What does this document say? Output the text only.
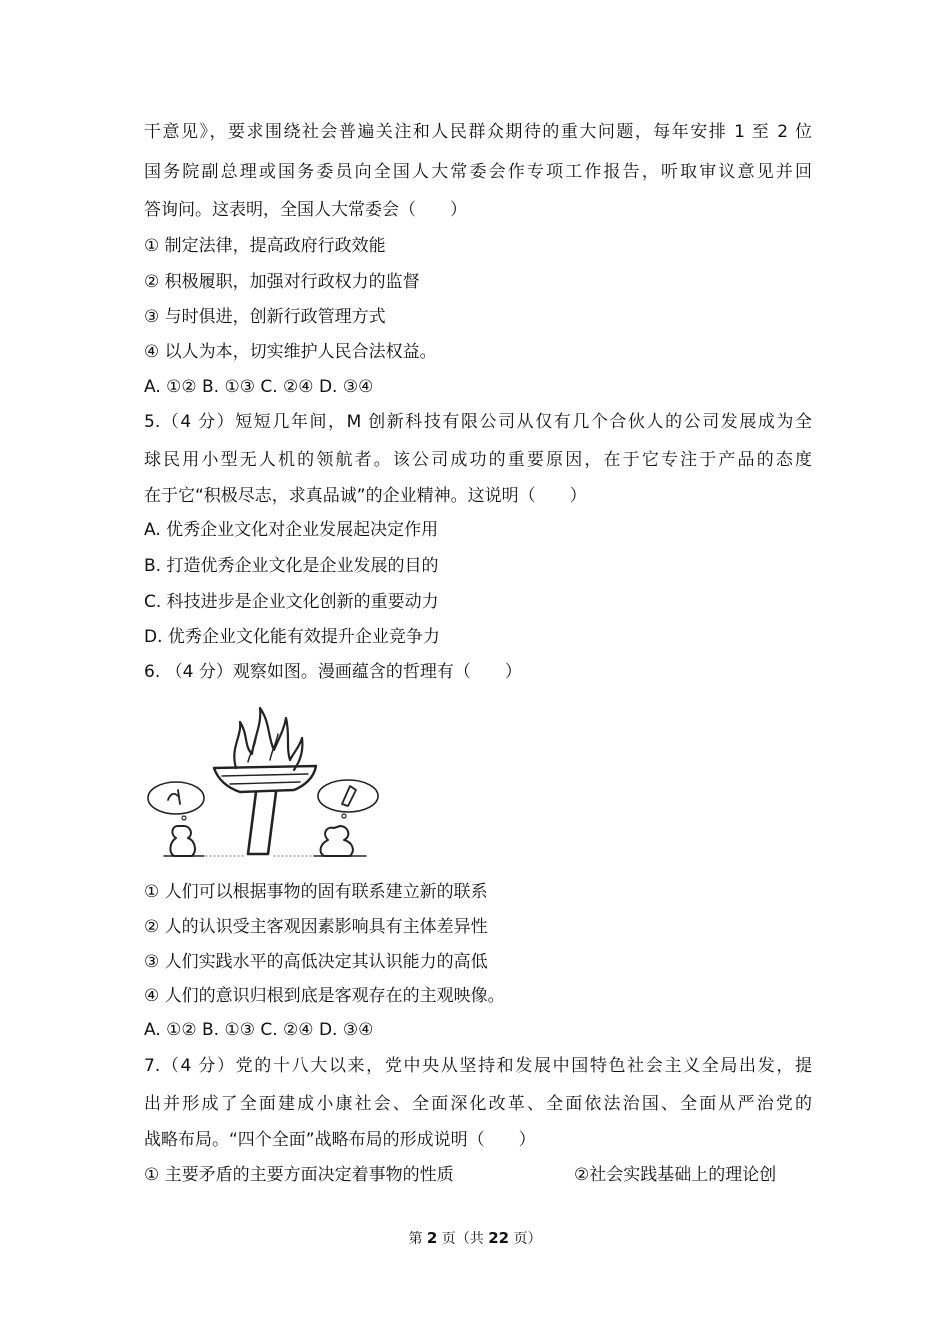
干意见》，要求围绕社会普遍关注和人民群众期待的重大问题，每年安排 1 至 2 位
国务院副总理或国务委员向全国人大常委会作专项工作报告，听取审议意见并回
答询问。这表明，全国人大常委会（　　）
① 制定法律，提高政府行政效能
② 积极履职，加强对行政权力的监督
③ 与时俱进，创新行政管理方式
④ 以人为本，切实维护人民合法权益。
A. ①② B. ①③ C. ②④ D. ③④
5.（4 分）短短几年间，M 创新科技有限公司从仅有几个合伙人的公司发展成为全
球民用小型无人机的领航者。该公司成功的重要原因，在于它专注于产品的态度
在于它“积极尽志，求真品诚”的企业精神。这说明（　　）
A. 优秀企业文化对企业发展起决定作用
B. 打造优秀企业文化是企业发展的目的
C. 科技进步是企业文化创新的重要动力
D. 优秀企业文化能有效提升企业竞争力
6. （4 分）观察如图。漫画蕴含的哲理有（　　）
① 人们可以根据事物的固有联系建立新的联系
② 人的认识受主客观因素影响具有主体差异性
③ 人们实践水平的高低决定其认识能力的高低
④ 人们的意识归根到底是客观存在的主观映像。
A. ①② B. ①③ C. ②④ D. ③④
7.（4 分）党的十八大以来，党中央从坚持和发展中国特色社会主义全局出发，提
出并形成了全面建成小康社会、全面深化改革、全面依法治国、全面从严治党的
战略布局。“四个全面”战略布局的形成说明（　　）
① 主要矛盾的主要方面决定着事物的性质	②社会实践基础上的理论创
第 2 页（共 22 页）
